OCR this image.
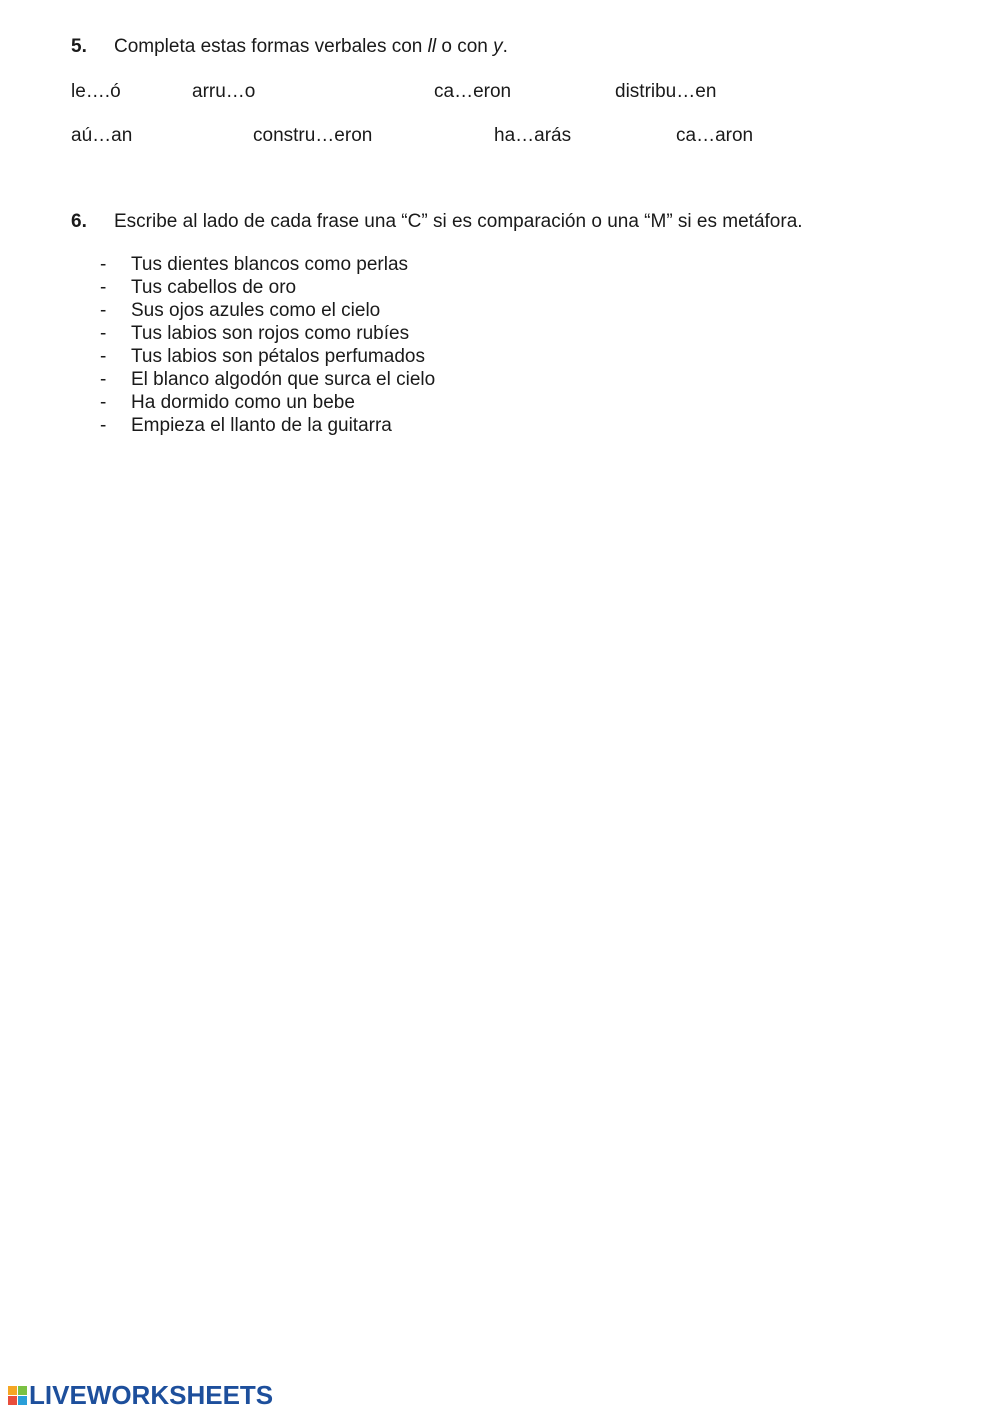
5. Completa estas formas verbales con ll o con y.
le….ó	arru…o	ca…eron	distribu…en
aú…an	constru…eron	ha…arás	ca…aron
6. Escribe al lado de cada frase una “C” si es comparación o una “M” si es metáfora.
- Tus dientes blancos como perlas
- Tus cabellos de oro
- Sus ojos azules como el cielo
- Tus labios son rojos como rubíes
- Tus labios son pétalos perfumados
- El blanco algodón que surca el cielo
- Ha dormido como un bebe
- Empieza el llanto de la guitarra
LIVEWORKSHEETS
